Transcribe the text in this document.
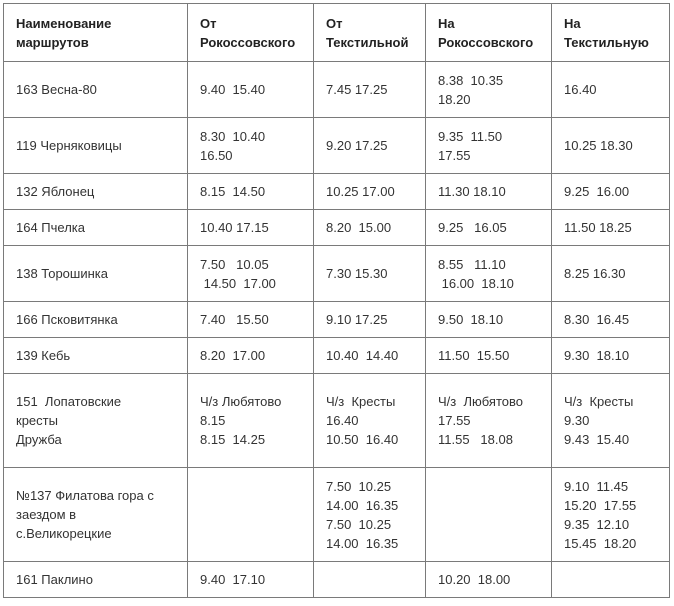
Наименование
маршрутов	От
Рокоссовского	От
Текстильной	На
Рокоссовского	На
Текстильную

163 Весна-80	9.40  15.40	7.45 17.25	8.38  10.35
18.20	16.40

119 Черняковицы	8.30  10.40
16.50	9.20 17.25	9.35  11.50
17.55	10.25 18.30

132 Яблонец	8.15  14.50	10.25 17.00	11.30 18.10	9.25  16.00

164 Пчелка	10.40 17.15	8.20  15.00	9.25   16.05	11.50 18.25

138 Торошинка	7.50   10.05
14.50  17.00	7.30 15.30	8.55   11.10
16.00  18.10	8.25 16.30

166 Псковитянка	7.40   15.50	9.10 17.25	9.50  18.10	8.30  16.45

139 Кебь	8.20  17.00	10.40  14.40	11.50  15.50	9.30  18.10

151  Лопатовские
кресты
Дружба	Ч/з Любятово
8.15
8.15  14.25	Ч/з  Кресты
16.40
10.50  16.40	Ч/з  Любятово
17.55
11.55   18.08	Ч/з  Кресты
9.30
9.43  15.40

№137 Филатова гора с
заездом в
с.Великорецкие		7.50  10.25
14.00  16.35
7.50  10.25
14.00  16.35		9.10  11.45
15.20  17.55
9.35  12.10
15.45  18.20

161 Паклино	9.40  17.10		10.20  18.00	
